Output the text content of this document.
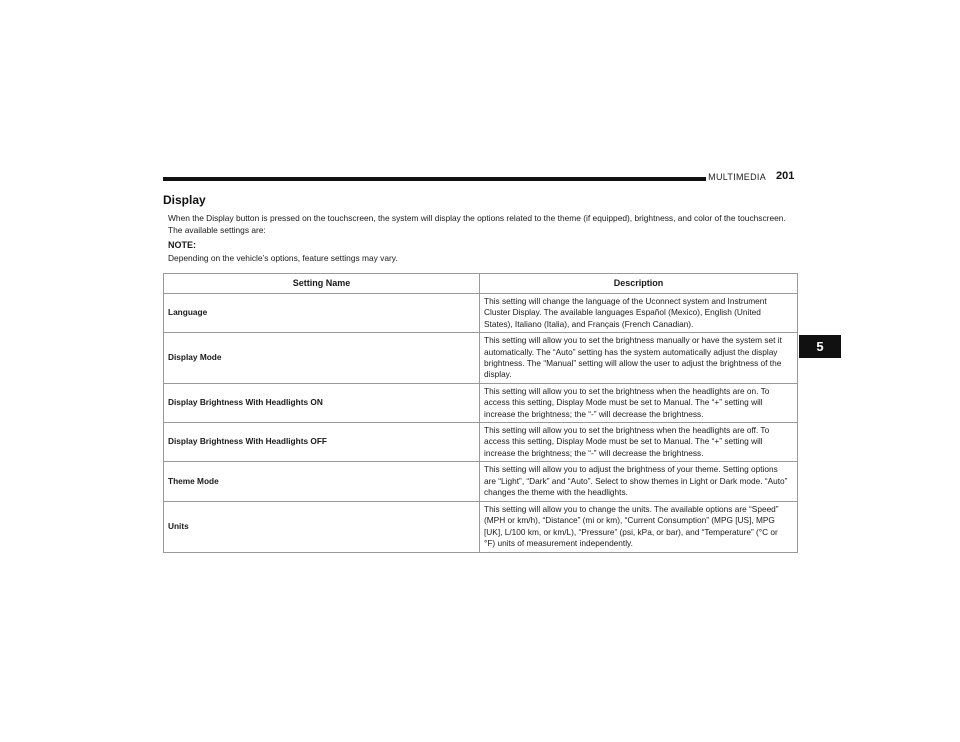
MULTIMEDIA 201
5
Display
When the Display button is pressed on the touchscreen, the system will display the options related to the theme (if equipped), brightness, and color of the touchscreen. The available settings are:
NOTE:
Depending on the vehicle’s options, feature settings may vary.
Setting Name	Description
Language	This setting will change the language of the Uconnect system and Instrument Cluster Display. The available languages Español (Mexico), English (United States), Italiano (Italia), and Français (French Canadian).
Display Mode	This setting will allow you to set the brightness manually or have the system set it automatically. The “Auto” setting has the system automatically adjust the display brightness. The “Manual” setting will allow the user to adjust the brightness of the display.
Display Brightness With Headlights ON	This setting will allow you to set the brightness when the headlights are on. To access this setting, Display Mode must be set to Manual. The “+” setting will increase the brightness; the “-” will decrease the brightness.
Display Brightness With Headlights OFF	This setting will allow you to set the brightness when the headlights are off. To access this setting, Display Mode must be set to Manual. The “+” setting will increase the brightness; the “-” will decrease the brightness.
Theme Mode	This setting will allow you to adjust the brightness of your theme. Setting options are “Light”, “Dark” and “Auto”. Select to show themes in Light or Dark mode. “Auto” changes the theme with the headlights.
Units	This setting will allow you to change the units. The available options are “Speed” (MPH or km/h), “Distance” (mi or km), “Current Consumption” (MPG [US], MPG [UK], L/100 km, or km/L), “Pressure” (psi, kPa, or bar), and “Temperature” (°C or °F) units of measurement independently.
